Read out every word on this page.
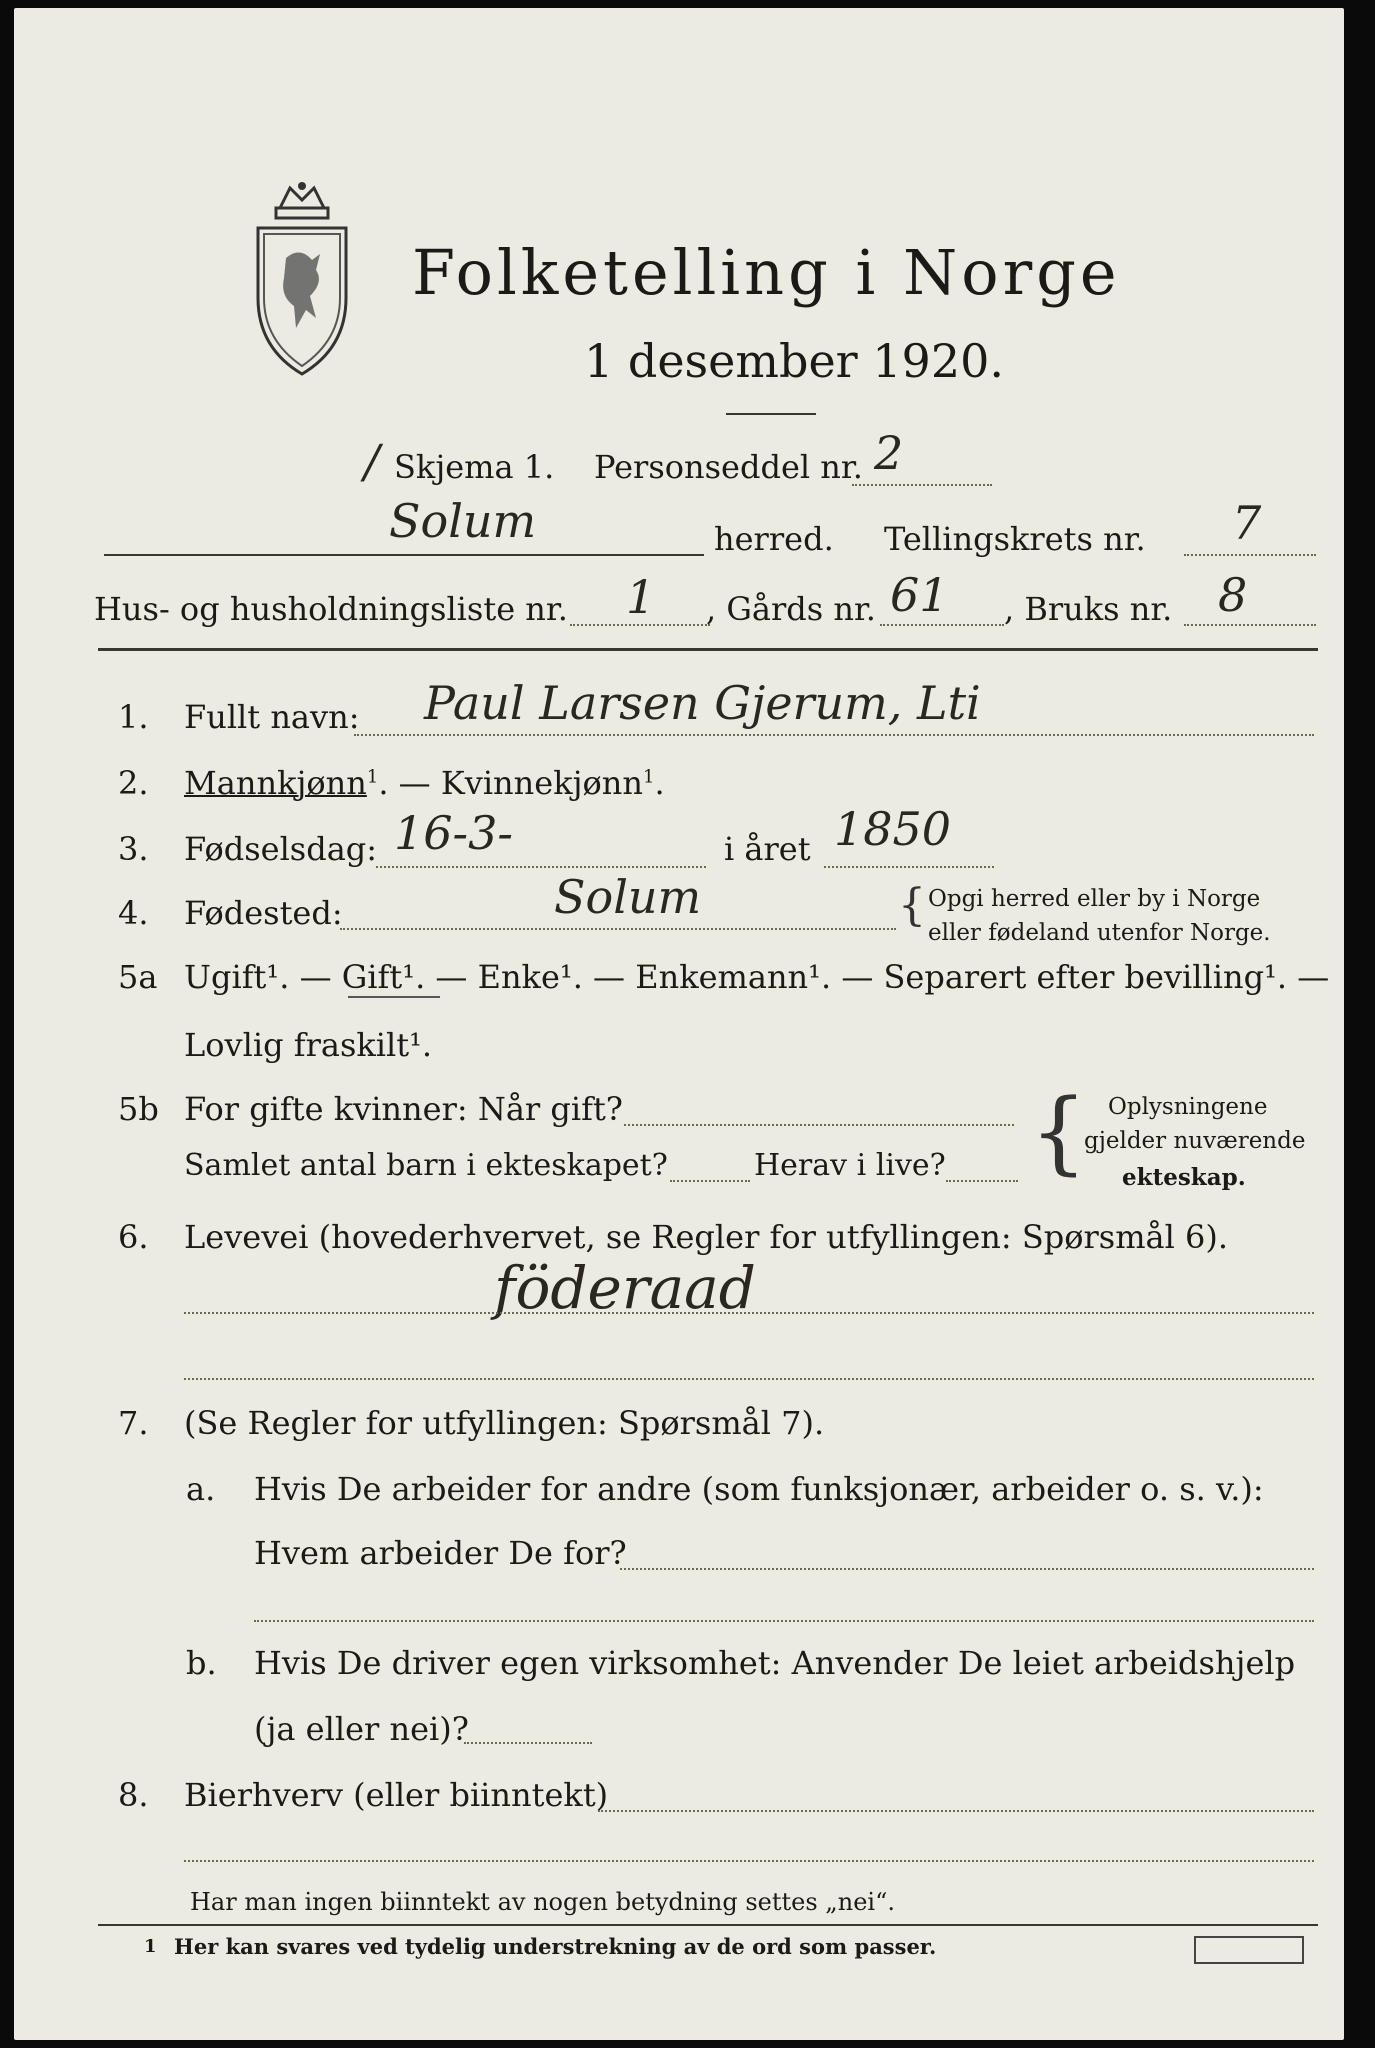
Folketelling i Norge
1 desember 1920.
Skjema 1. Personseddel nr. 2
/
Solum	herred. Tellingskrets nr. 7
Hus- og husholdningsliste nr. 1 , Gårds nr. 61 , Bruks nr. 8
1. Fullt navn: Paul Larsen Gjerum, Lti
2. Mannkjønn$^1$. — Kvinnekjønn$^1$.
3. Fødselsdag: 16-3-	i året 1850
4. Fødested:	Solum	{ Opgi herred eller by i Norge
eller fødeland utenfor Norge.
5a Ugift¹. — Gift¹. — Enke¹. — Enkemann¹. — Separert efter bevilling¹. —
Lovlig fraskilt¹.
5b For gifte kvinner: Når gift?
Samlet antal barn i ekteskapet?	Herav i live? { Oplysningene
gjelder nuværende
ekteskap.
6. Levevei (hovederhvervet, se Regler for utfyllingen: Spørsmål 6).
föderaad
7. (Se Regler for utfyllingen: Spørsmål 7).
a. Hvis De arbeider for andre (som funksjonær, arbeider o. s. v.):
Hvem arbeider De for?
b. Hvis De driver egen virksomhet: Anvender De leiet arbeidshjelp
(ja eller nei)?
8. Bierhverv (eller biinntekt)
Har man ingen biinntekt av nogen betydning settes „nei“.
1 Her kan svares ved tydelig understrekning av de ord som passer.
